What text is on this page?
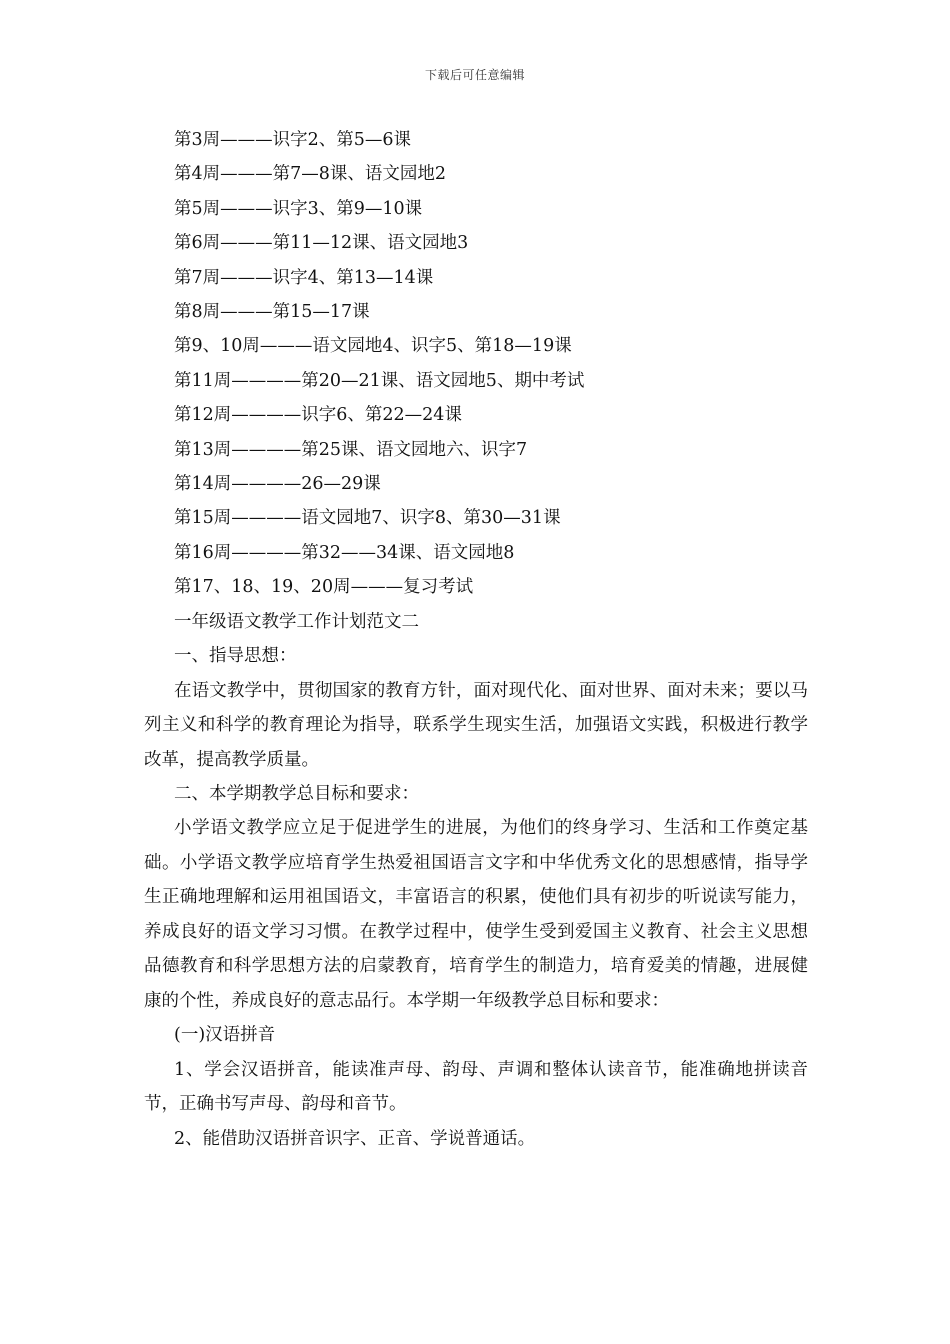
下载后可任意编辑

第3周———识字2、第5—6课

第4周———第7—8课、语文园地2

第5周———识字3、第9—10课

第6周———第11—12课、语文园地3

第7周———识字4、第13—14课

第8周———第15—17课

第9、10周———语文园地4、识字5、第18—19课

第11周————第20—21课、语文园地5、期中考试

第12周————识字6、第22—24课

第13周————第25课、语文园地六、识字7

第14周————26—29课

第15周————语文园地7、识字8、第30—31课

第16周————第32——34课、语文园地8

第17、18、19、20周———复习考试

一年级语文教学工作计划范文二

一、指导思想：

在语文教学中，贯彻国家的教育方针，面对现代化、面对世界、面对未来；要以马列主义和科学的教育理论为指导，联系学生现实生活，加强语文实践，积极进行教学改革，提高教学质量。

二、本学期教学总目标和要求：

小学语文教学应立足于促进学生的进展，为他们的终身学习、生活和工作奠定基础。小学语文教学应培育学生热爱祖国语言文字和中华优秀文化的思想感情，指导学生正确地理解和运用祖国语文，丰富语言的积累，使他们具有初步的听说读写能力，养成良好的语文学习习惯。在教学过程中，使学生受到爱国主义教育、社会主义思想品德教育和科学思想方法的启蒙教育，培育学生的制造力，培育爱美的情趣，进展健康的个性，养成良好的意志品行。本学期一年级教学总目标和要求：

(一)汉语拼音

1、学会汉语拼音，能读准声母、韵母、声调和整体认读音节，能准确地拼读音节，正确书写声母、韵母和音节。

2、能借助汉语拼音识字、正音、学说普通话。
